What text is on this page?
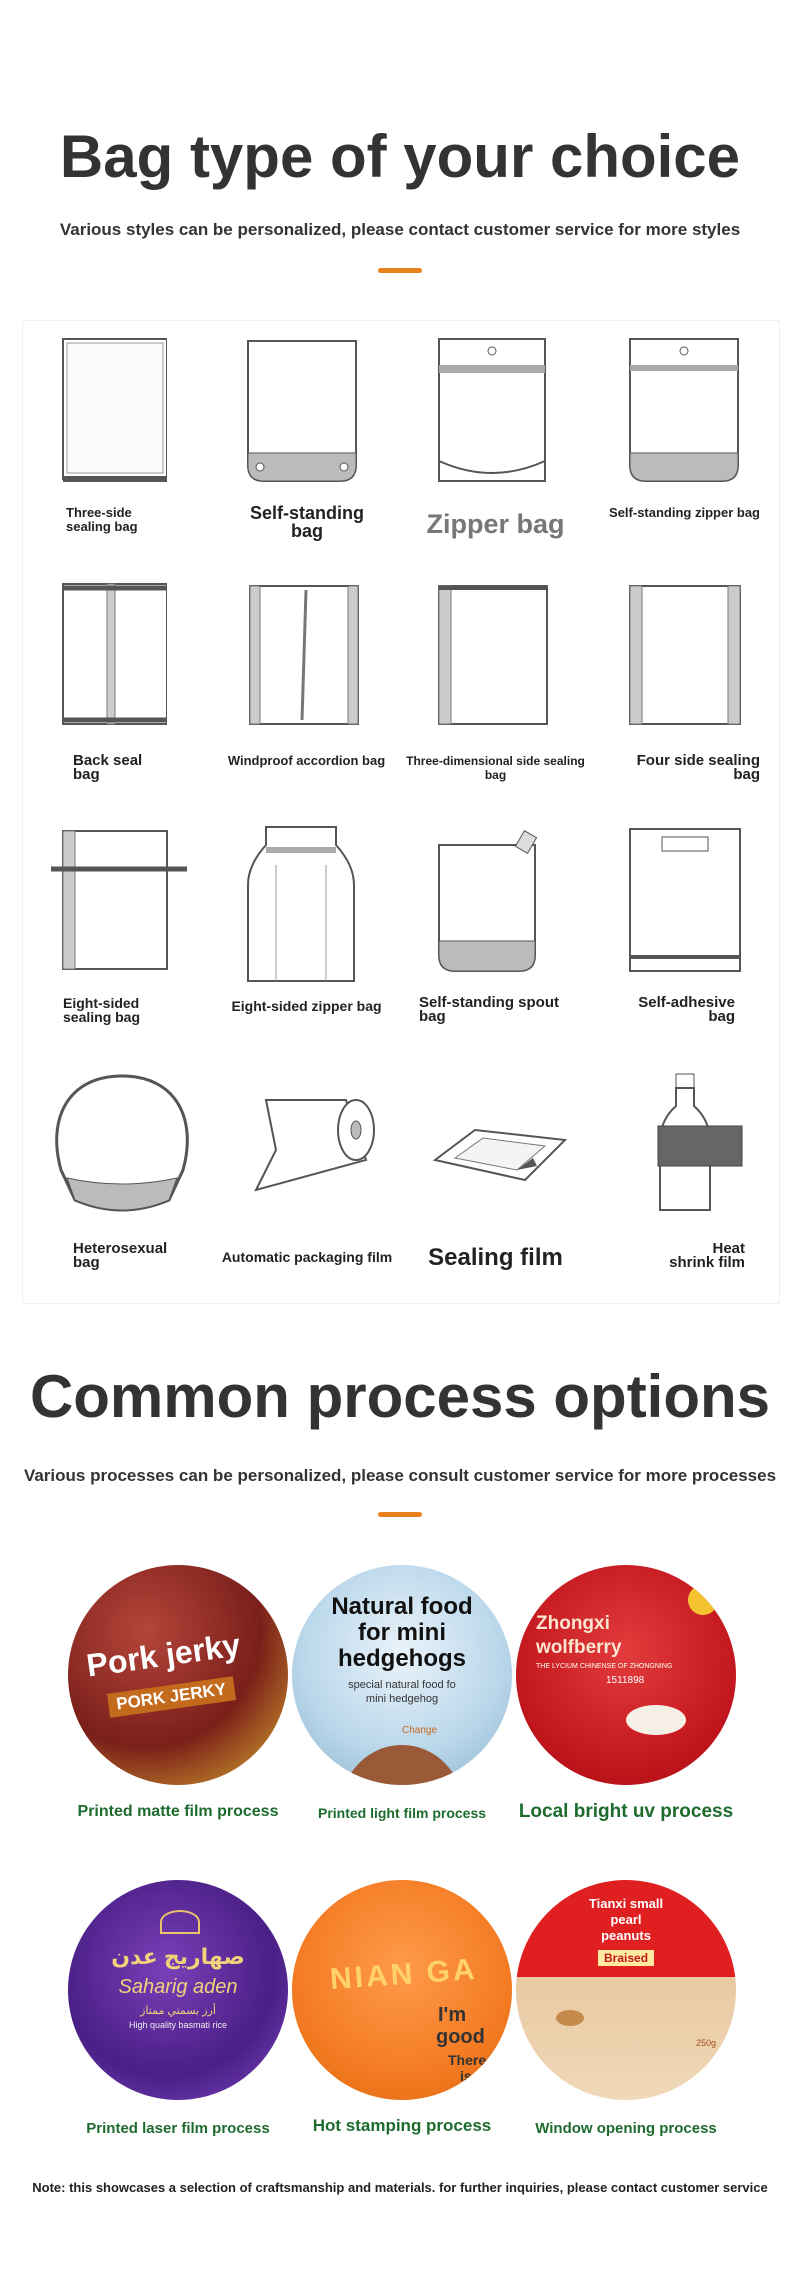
Bag type of your choice
Various styles can be personalized, please contact customer service for more styles
Three-side sealing bag
Self-standing bag	Zipper bag	Self-standing zipper bag
Back seal bag
Windproof accordion bag	Three-dimensional side sealing bag
Four side sealing bag
Eight-sided sealing bag
Eight-sided zipper bag	Self-standing spout bag
Self-adhesive bag
Heterosexual bag	Automatic packaging film	Sealing film	Heat shrink film
Common process options
Various processes can be personalized, please consult customer service for more processes
Pork jerky
PORK JERKY
Printed matte film process
Natural food
for mini
hedgehogs
special natural food fo
mini hedgehog
Change
Printed light film process
Zhongxi
wolfberry
THE LYCIUM CHINENSE OF ZHONGNING
1511898
Local bright uv process
صهاريج عدن
Saharig aden
أرز بسمتي ممتاز
High quality basmati rice
Printed laser film process
NIAN GA
I'm
good
There
is
Hot stamping process
Tianxi small
pearl
peanuts
Braised
250g
Window opening process
Note: this showcases a selection of craftsmanship and materials. for further inquiries, please contact customer service
